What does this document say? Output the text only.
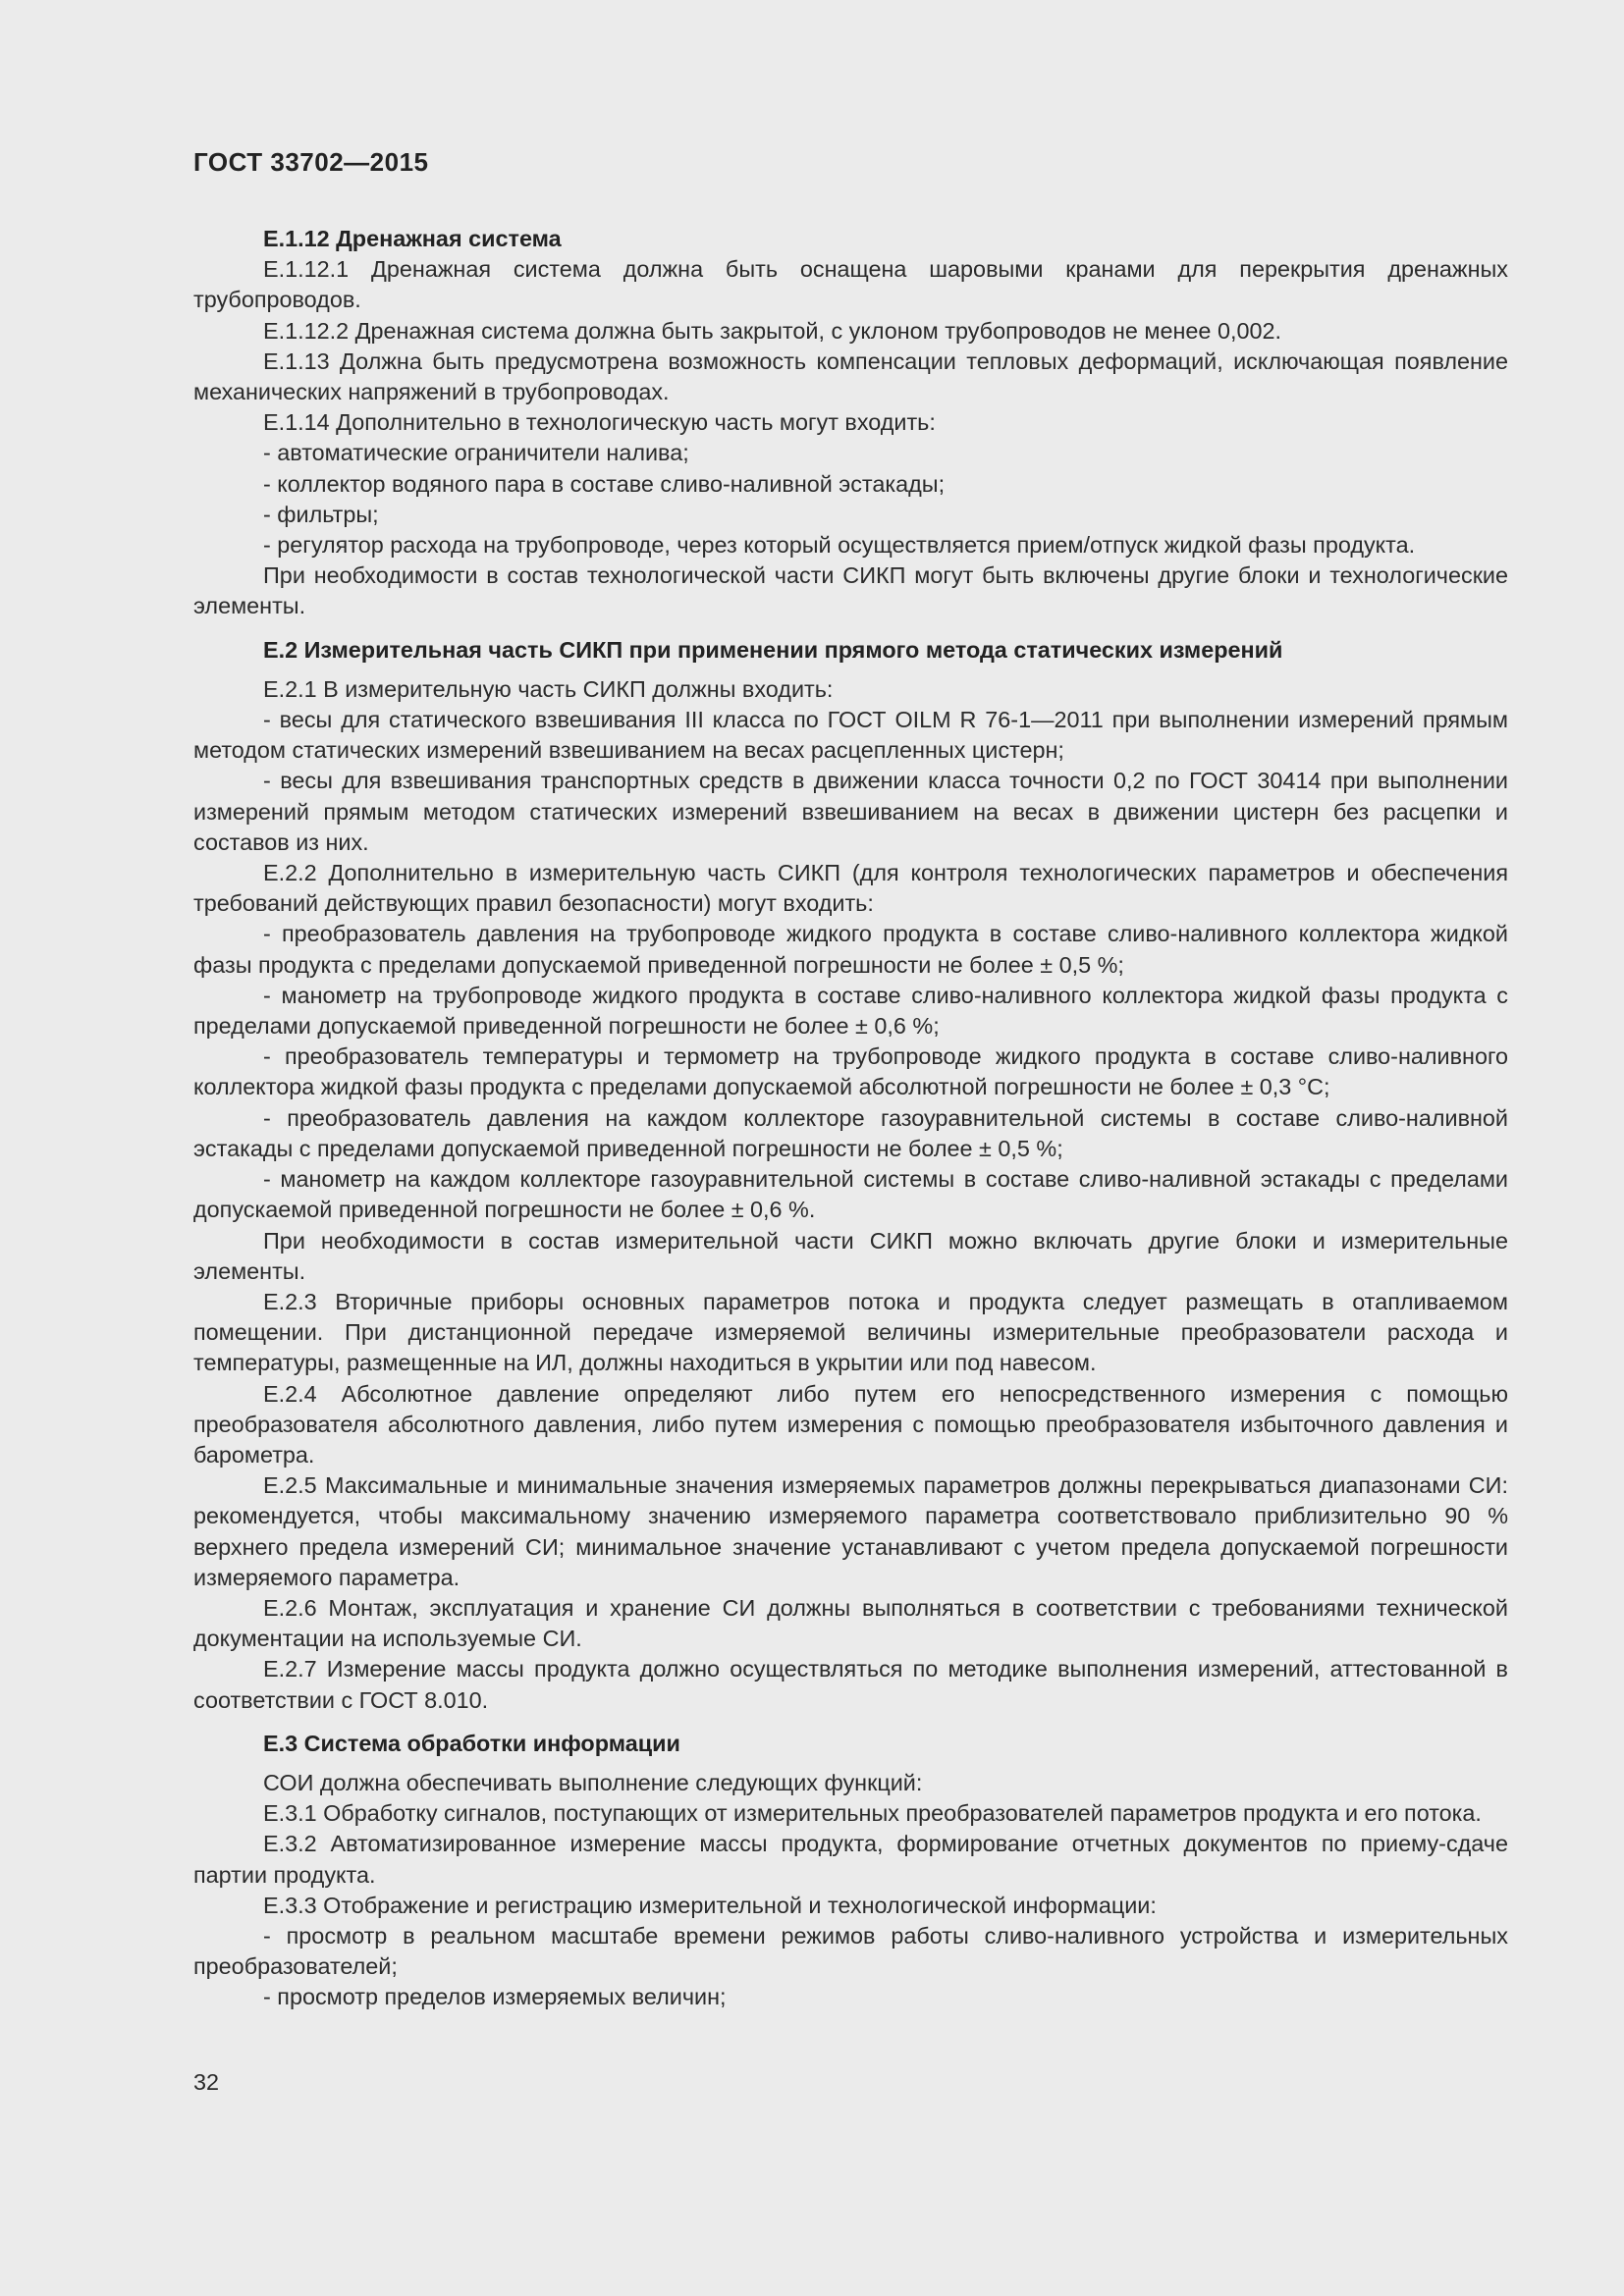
ГОСТ 33702—2015
Е.1.12 Дренажная система
Е.1.12.1 Дренажная система должна быть оснащена шаровыми кранами для перекрытия дренажных трубопроводов.
Е.1.12.2 Дренажная система должна быть закрытой, с уклоном трубопроводов не менее 0,002.
Е.1.13 Должна быть предусмотрена возможность компенсации тепловых деформаций, исключающая появление механических напряжений в трубопроводах.
Е.1.14 Дополнительно в технологическую часть могут входить:
- автоматические ограничители налива;
- коллектор водяного пара в составе сливо-наливной эстакады;
- фильтры;
- регулятор расхода на трубопроводе, через который осуществляется прием/отпуск жидкой фазы продукта.
При необходимости в состав технологической части СИКП могут быть включены другие блоки и технологические элементы.
Е.2 Измерительная часть СИКП при применении прямого метода статических измерений
Е.2.1 В измерительную часть СИКП должны входить:
- весы для статического взвешивания III класса по ГОСТ OILM R 76-1—2011 при выполнении измерений прямым методом статических измерений взвешиванием на весах расцепленных цистерн;
- весы для взвешивания транспортных средств в движении класса точности 0,2 по ГОСТ 30414 при выполнении измерений прямым методом статических измерений взвешиванием на весах в движении цистерн без расцепки и составов из них.
Е.2.2 Дополнительно в измерительную часть СИКП (для контроля технологических параметров и обеспечения требований действующих правил безопасности) могут входить:
- преобразователь давления на трубопроводе жидкого продукта в составе сливо-наливного коллектора жидкой фазы продукта с пределами допускаемой приведенной погрешности не более ± 0,5 %;
- манометр на трубопроводе жидкого продукта в составе сливо-наливного коллектора жидкой фазы продукта с пределами допускаемой приведенной погрешности не более ± 0,6 %;
- преобразователь температуры и термометр на трубопроводе жидкого продукта в составе сливо-наливного коллектора жидкой фазы продукта с пределами допускаемой абсолютной погрешности не более ± 0,3 °С;
- преобразователь давления на каждом коллекторе газоуравнительной системы в составе сливо-наливной эстакады с пределами допускаемой приведенной погрешности не более ± 0,5 %;
- манометр на каждом коллекторе газоуравнительной системы в составе сливо-наливной эстакады с пределами допускаемой приведенной погрешности не более ± 0,6 %.
При необходимости в состав измерительной части СИКП можно включать другие блоки и измерительные элементы.
Е.2.3 Вторичные приборы основных параметров потока и продукта следует размещать в отапливаемом помещении. При дистанционной передаче измеряемой величины измерительные преобразователи расхода и температуры, размещенные на ИЛ, должны находиться в укрытии или под навесом.
Е.2.4 Абсолютное давление определяют либо путем его непосредственного измерения с помощью преобразователя абсолютного давления, либо путем измерения с помощью преобразователя избыточного давления и барометра.
Е.2.5 Максимальные и минимальные значения измеряемых параметров должны перекрываться диапазонами СИ: рекомендуется, чтобы максимальному значению измеряемого параметра соответствовало приблизительно 90 % верхнего предела измерений СИ; минимальное значение устанавливают с учетом предела допускаемой погрешности измеряемого параметра.
Е.2.6 Монтаж, эксплуатация и хранение СИ должны выполняться в соответствии с требованиями технической документации на используемые СИ.
Е.2.7 Измерение массы продукта должно осуществляться по методике выполнения измерений, аттестованной в соответствии с ГОСТ 8.010.
Е.3 Система обработки информации
СОИ должна обеспечивать выполнение следующих функций:
Е.3.1 Обработку сигналов, поступающих от измерительных преобразователей параметров продукта и его потока.
Е.3.2 Автоматизированное измерение массы продукта, формирование отчетных документов по приему-сдаче партии продукта.
Е.3.3 Отображение и регистрацию измерительной и технологической информации:
- просмотр в реальном масштабе времени режимов работы сливо-наливного устройства и измерительных преобразователей;
- просмотр пределов измеряемых величин;
32
